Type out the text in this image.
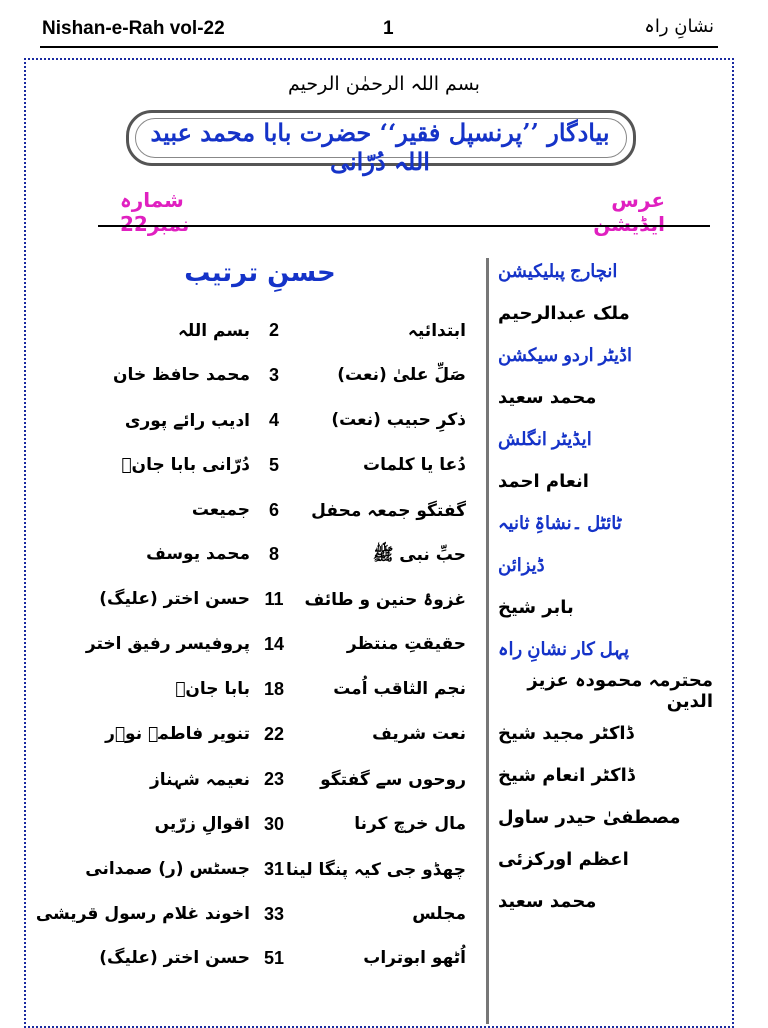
Nishan-e-Rah vol-22	1	نشانِ راہ
بسم اللہ الرحمٰن الرحیم
بیادگار ’’پرنسپل فقیر‘‘ حضرت بابا محمد عبید اللہ دُرّانی
عرس ایڈیشن
شمارہ نمبر22
انچارج پبلیکیشن
ملک عبدالرحیم
اڈیٹر اردو سیکشن
محمد سعید
ایڈیٹر انگلش
انعام احمد
ٹائٹل ۔نشاۃِ ثانیہ
ڈیزائن
بابر شیخ
پہل کار نشانِ راہ
محترمہ محمودہ عزیز الدین
ڈاکٹر مجید شیخ
ڈاکٹر انعام شیخ
مصطفیٰ حیدر ساول
اعظم اورکزئی
محمد سعید
حسنِ ترتیب
ابتدائیہ
2
بسم اللہ
صَلِّ علیٰ (نعت)
3
محمد حافظ خان
ذکرِ حبیب (نعت)
4
ادیب رائے پوری
دُعا یا کلمات
5
دُرّانی بابا جانؒ
گفتگو جمعہ محفل
6
جمیعت
حبِّ نبی ﷺ
8
محمد یوسف
غزوۂ حنین و طائف
11
حسن اختر (علیگ)
حقیقتِ منتظر
14
پروفیسر رفیق اختر
نجم الثاقب اُمت
18
بابا جانؒ
نعت شریف
22
تنویر فاطمہ نوؔر
روحوں سے گفتگو
23
نعیمہ شہناز
مال خرچ کرنا
30
اقوالِ زرّیں
چھڈو جی کیہ پنگا لینا
31
جسٹس (ر) صمدانی
مجلس
33
اخوند غلام رسول قریشی
اُٹھو ابوتراب
51
حسن اختر (علیگ)
